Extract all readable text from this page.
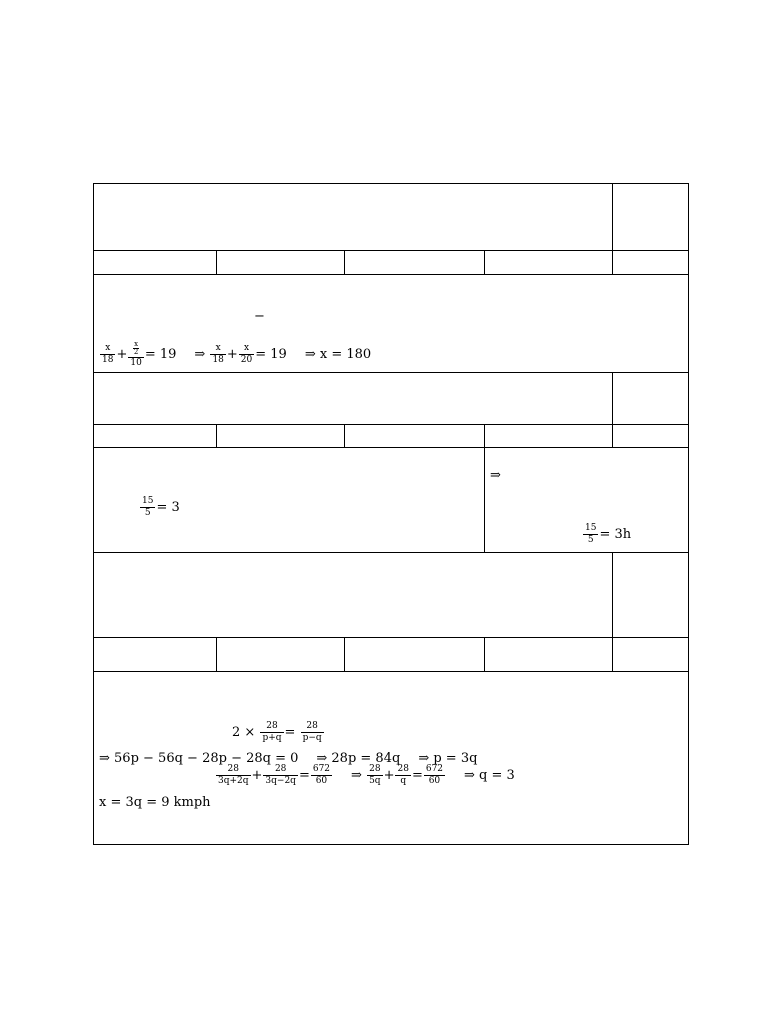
−
$\frac{x}{18} + \frac{\frac{x}{2}}{10} = 19$ ⇒ $\frac{x}{18} + \frac{x}{20} = 19$ ⇒ x = 180
$\frac{15}{5} = 3$
⇒
$\frac{15}{5} = 3h$
$2 \times \frac{28}{p+q} = \frac{28}{p-q}$
⇒ 56p − 56q − 28p − 28q = 0 ⇒ 28p = 84q ⇒ p = 3q
$\frac{28}{3q+2q} + \frac{28}{3q-2q} = \frac{672}{60}$ ⇒ $\frac{28}{5q} + \frac{28}{q} = \frac{672}{60}$ ⇒ q = 3
x = 3q = 9 kmph
